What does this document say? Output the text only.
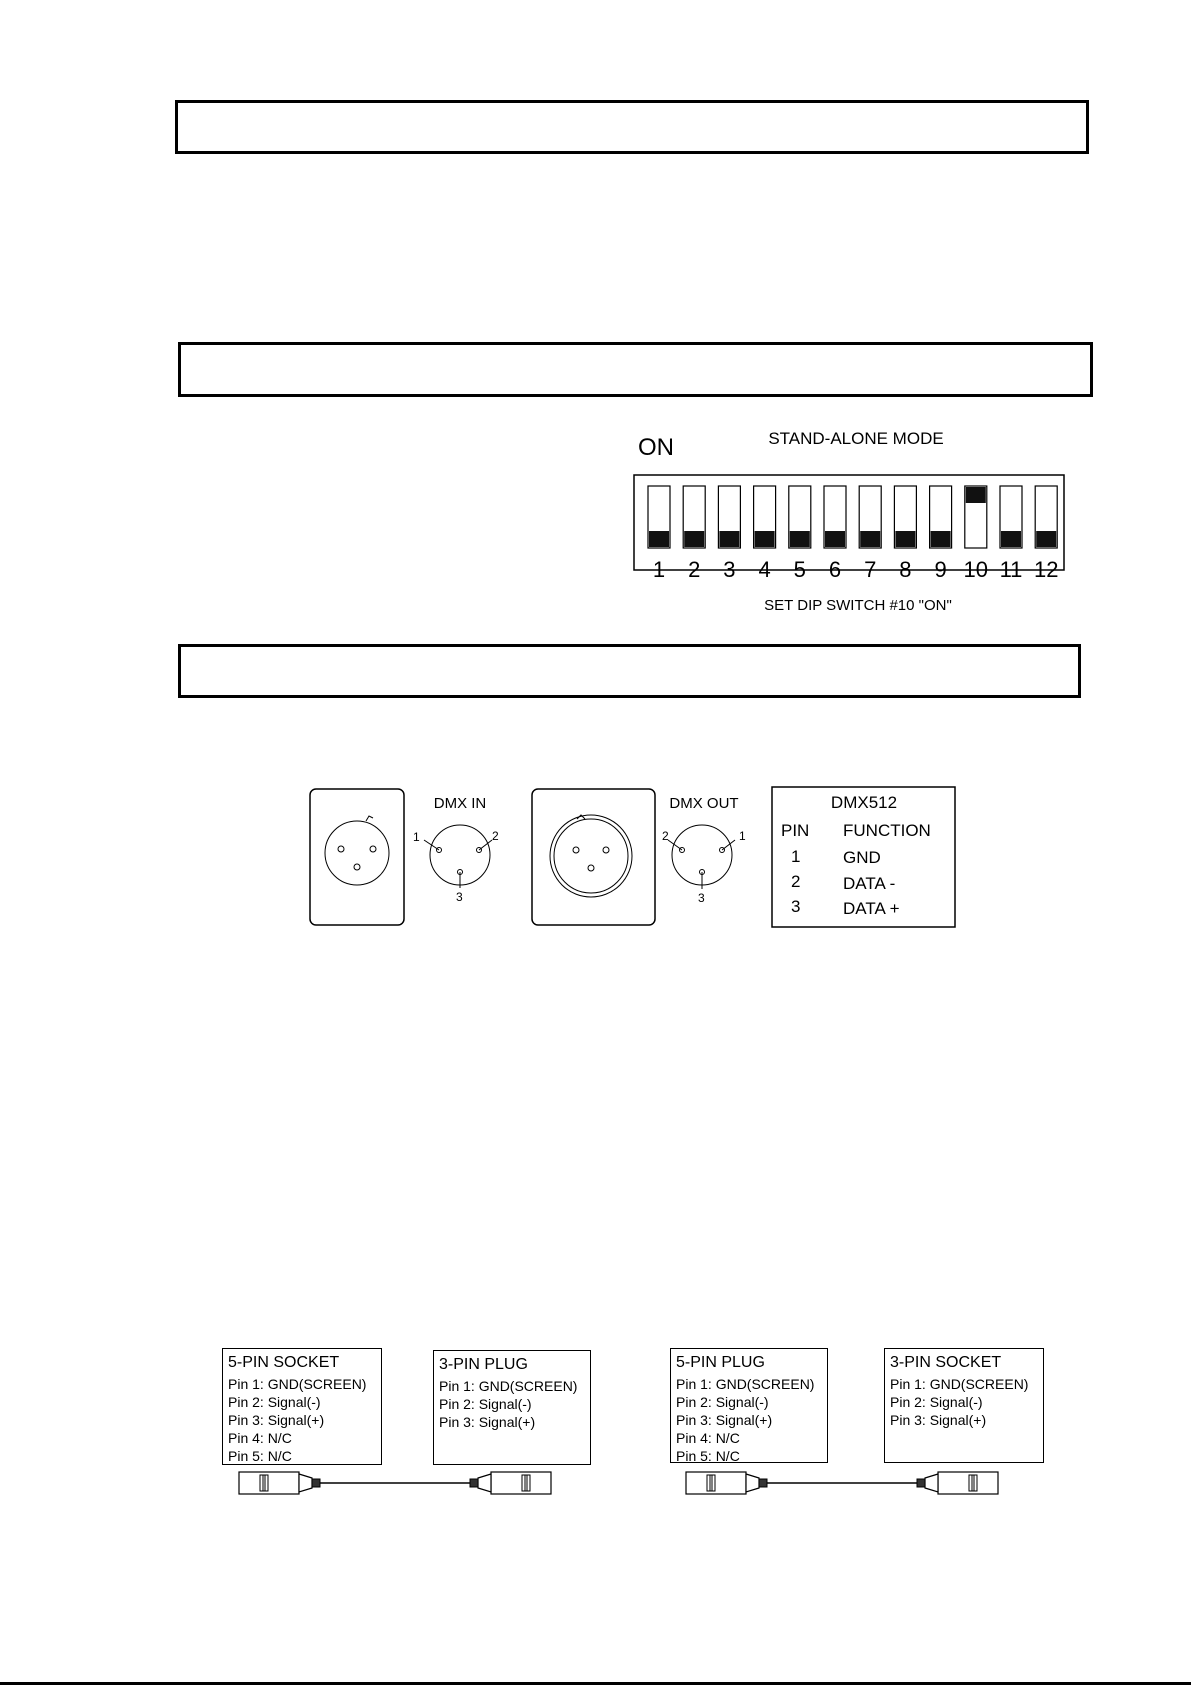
ON	STAND-ALONE MODE
1 2 3 4 5 6 7 8 9 10 11 12
SET DIP SWITCH #10 "ON"
DMX IN
1	2
3
DMX OUT
2	1
3
DMX512
PIN FUNCTION
1	GND
2	DATA -
3	DATA +
5-PIN SOCKET
Pin 1: GND(SCREEN)
Pin 2: Signal(-)
Pin 3: Signal(+)
Pin 4: N/C
Pin 5: N/C
3-PIN PLUG
Pin 1: GND(SCREEN)
Pin 2: Signal(-)
Pin 3: Signal(+)
5-PIN PLUG
Pin 1: GND(SCREEN)
Pin 2: Signal(-)
Pin 3: Signal(+)
Pin 4: N/C
Pin 5: N/C
3-PIN SOCKET
Pin 1: GND(SCREEN)
Pin 2: Signal(-)
Pin 3: Signal(+)
